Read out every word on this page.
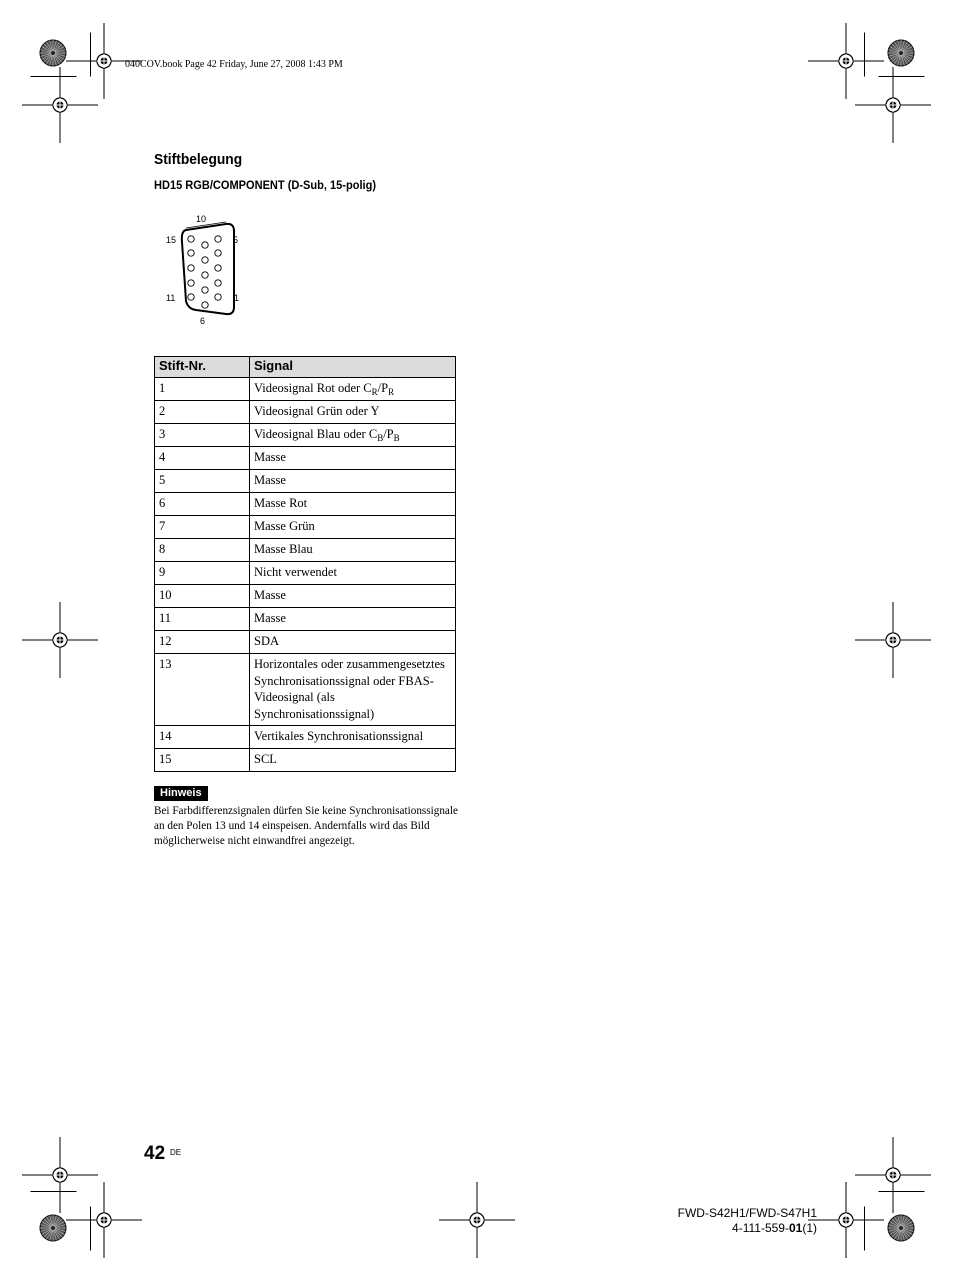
040COV.book Page 42 Friday, June 27, 2008 1:43 PM
Stiftbelegung
HD15 RGB/COMPONENT (D-Sub, 15-polig)
10
15	5
11	1
6
Stift-Nr.	Signal
1	Videosignal Rot oder $C_R/P_R$
2	Videosignal Grün oder Y
3	Videosignal Blau oder $C_B/P_B$
4	Masse
5	Masse
6	Masse Rot
7	Masse Grün
8	Masse Blau
9	Nicht verwendet
10	Masse
11	Masse
12	SDA
13	Horizontales oder zusammengesetztes Synchronisationssignal oder FBAS-Videosignal (als Synchronisationssignal)
14	Vertikales Synchronisationssignal
15	SCL
Hinweis
Bei Farbdifferenzsignalen dürfen Sie keine Synchronisationssignale an den Polen 13 und 14 einspeisen. Andernfalls wird das Bild möglicherweise nicht einwandfrei angezeigt.
42 DE
FWD-S42H1/FWD-S47H1
4-111-559-01(1)
